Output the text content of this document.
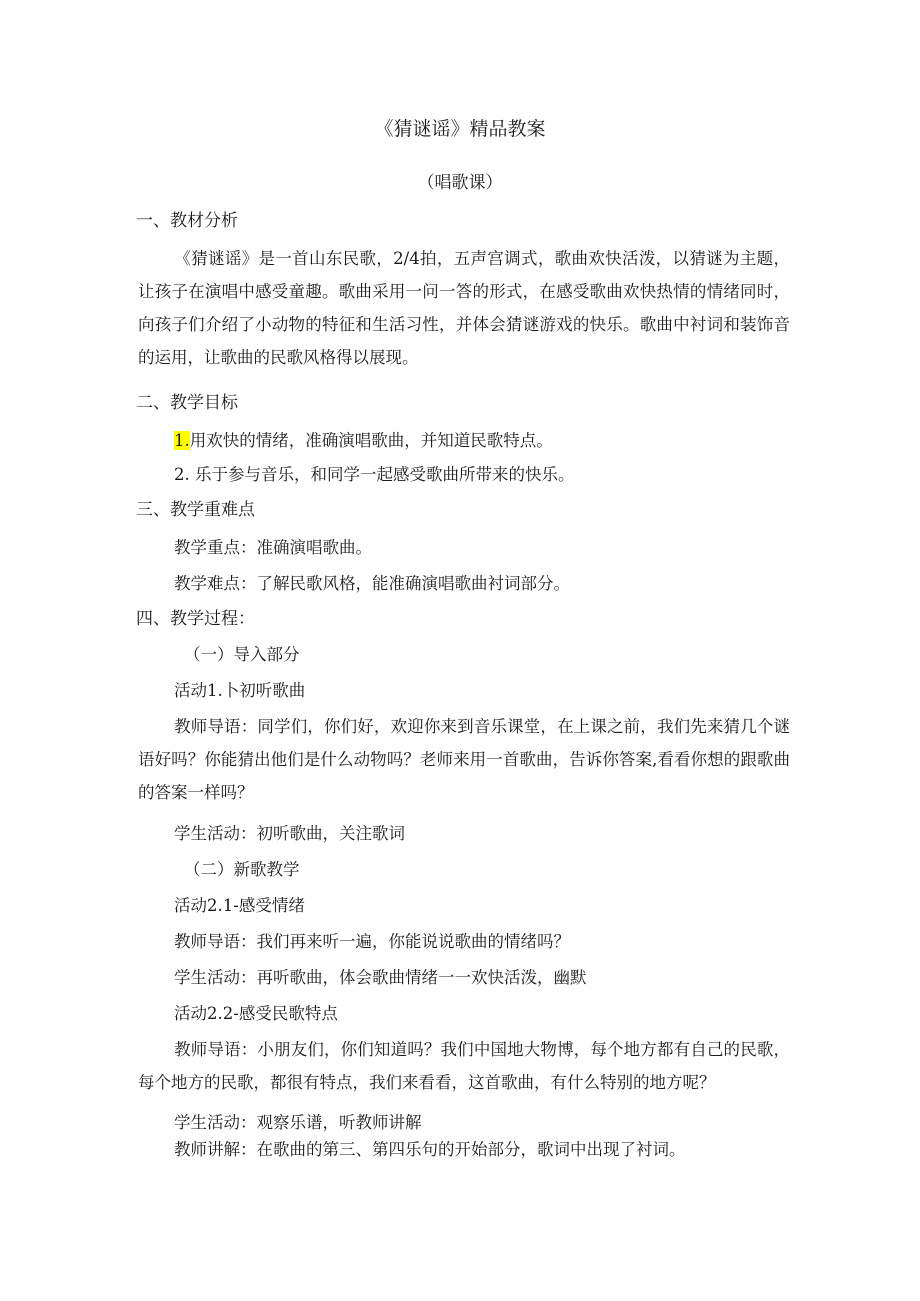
《猜谜谣》精品教案
（唱歌课）
一、教材分析
《猜谜谣》是一首山东民歌，2/4拍，五声宫调式，歌曲欢快活泼，以猜谜为主题，让孩子在演唱中感受童趣。歌曲采用一问一答的形式，在感受歌曲欢快热情的情绪同时，向孩子们介绍了小动物的特征和生活习性，并体会猜谜游戏的快乐。歌曲中衬词和装饰音的运用，让歌曲的民歌风格得以展现。
二、教学目标
1.用欢快的情绪，准确演唱歌曲，并知道民歌特点。
2. 乐于参与音乐，和同学一起感受歌曲所带来的快乐。
三、教学重难点
教学重点：准确演唱歌曲。
教学难点：了解民歌风格，能准确演唱歌曲衬词部分。
四、教学过程：
（一）导入部分
活动1.卜初听歌曲
教师导语：同学们，你们好，欢迎你来到音乐课堂，在上课之前，我们先来猜几个谜语好吗？你能猜出他们是什么动物吗？老师来用一首歌曲，告诉你答案,看看你想的跟歌曲的答案一样吗？
学生活动：初听歌曲，关注歌词
（二）新歌教学
活动2.1-感受情绪
教师导语：我们再来听一遍，你能说说歌曲的情绪吗？
学生活动：再听歌曲，体会歌曲情绪一一欢快活泼，幽默
活动2.2-感受民歌特点
教师导语：小朋友们，你们知道吗？我们中国地大物博，每个地方都有自己的民歌，每个地方的民歌，都很有特点，我们来看看，这首歌曲，有什么特别的地方呢？
学生活动：观察乐谱，听教师讲解
教师讲解：在歌曲的第三、第四乐句的开始部分，歌词中出现了衬词。
